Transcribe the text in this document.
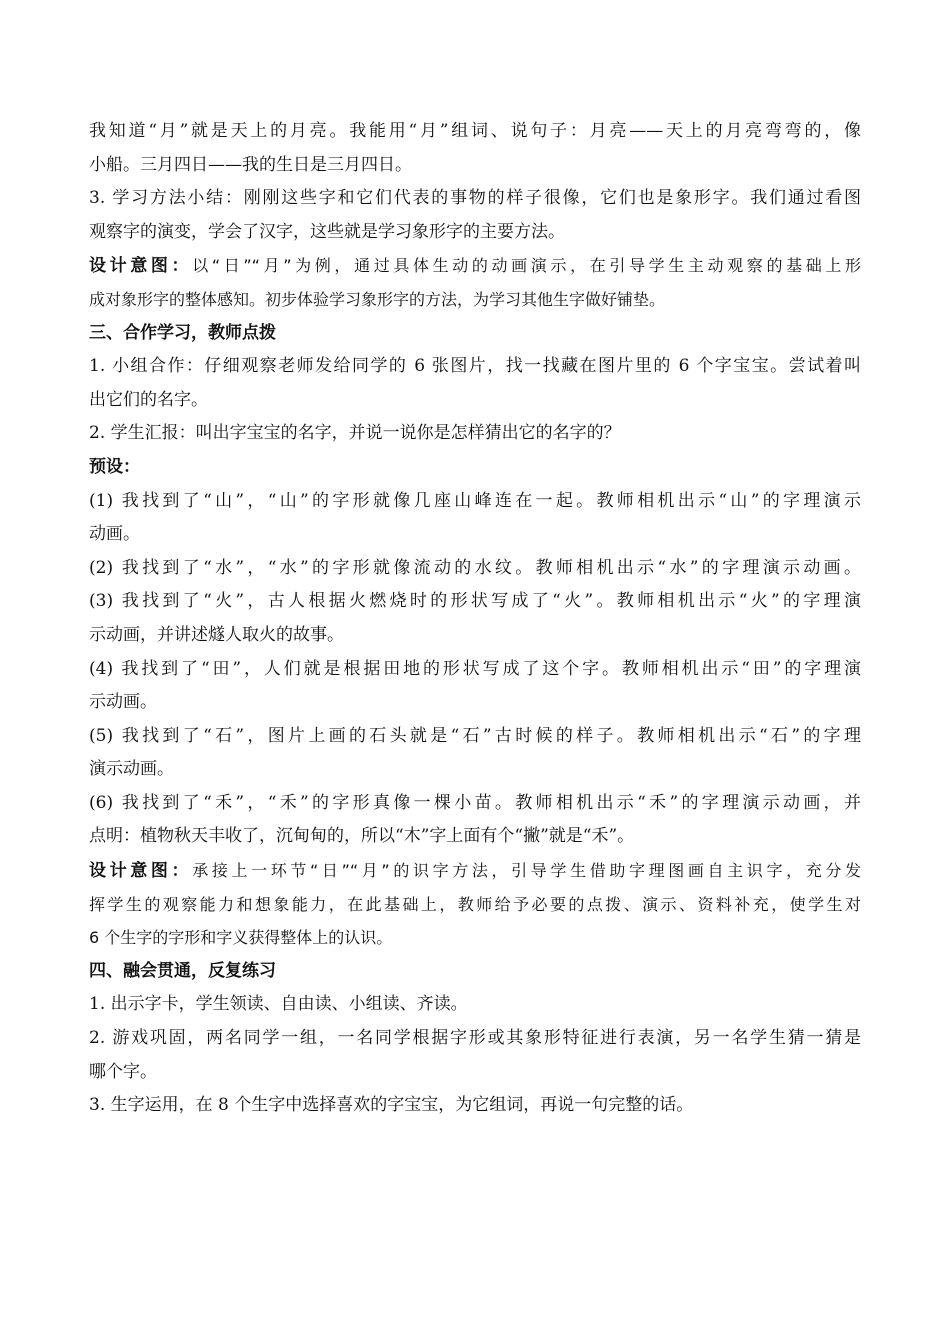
我知道“月”就是天上的月亮。我能用“月”组词、说句子：月亮——天上的月亮弯弯的，像
小船。三月四日——我的生日是三月四日。
3. 学习方法小结：刚刚这些字和它们代表的事物的样子很像，它们也是象形字。我们通过看图
观察字的演变，学会了汉字，这些就是学习象形字的主要方法。
设计意图：以“日”“月”为例，通过具体生动的动画演示，在引导学生主动观察的基础上形
成对象形字的整体感知。初步体验学习象形字的方法，为学习其他生字做好铺垫。
三、合作学习，教师点拨
1. 小组合作：仔细观察老师发给同学的 6 张图片，找一找藏在图片里的 6 个字宝宝。尝试着叫
出它们的名字。
2. 学生汇报：叫出字宝宝的名字，并说一说你是怎样猜出它的名字的？
预设：
(1) 我找到了“山”，“山”的字形就像几座山峰连在一起。教师相机出示“山”的字理演示
动画。
(2) 我找到了“水”，“水”的字形就像流动的水纹。教师相机出示“水”的字理演示动画。
(3) 我找到了“火”，古人根据火燃烧时的形状写成了“火”。教师相机出示“火”的字理演
示动画，并讲述燧人取火的故事。
(4) 我找到了“田”，人们就是根据田地的形状写成了这个字。教师相机出示“田”的字理演
示动画。
(5) 我找到了“石”，图片上画的石头就是“石”古时候的样子。教师相机出示“石”的字理
演示动画。
(6) 我找到了“禾”，“禾”的字形真像一棵小苗。教师相机出示“禾”的字理演示动画，并
点明：植物秋天丰收了，沉甸甸的，所以“木”字上面有个“撇”就是“禾”。
设计意图：承接上一环节“日”“月”的识字方法，引导学生借助字理图画自主识字，充分发
挥学生的观察能力和想象能力，在此基础上，教师给予必要的点拨、演示、资料补充，使学生对
6 个生字的字形和字义获得整体上的认识。
四、融会贯通，反复练习
1. 出示字卡，学生领读、自由读、小组读、齐读。
2. 游戏巩固，两名同学一组，一名同学根据字形或其象形特征进行表演，另一名学生猜一猜是
哪个字。
3. 生字运用，在 8 个生字中选择喜欢的字宝宝，为它组词，再说一句完整的话。
